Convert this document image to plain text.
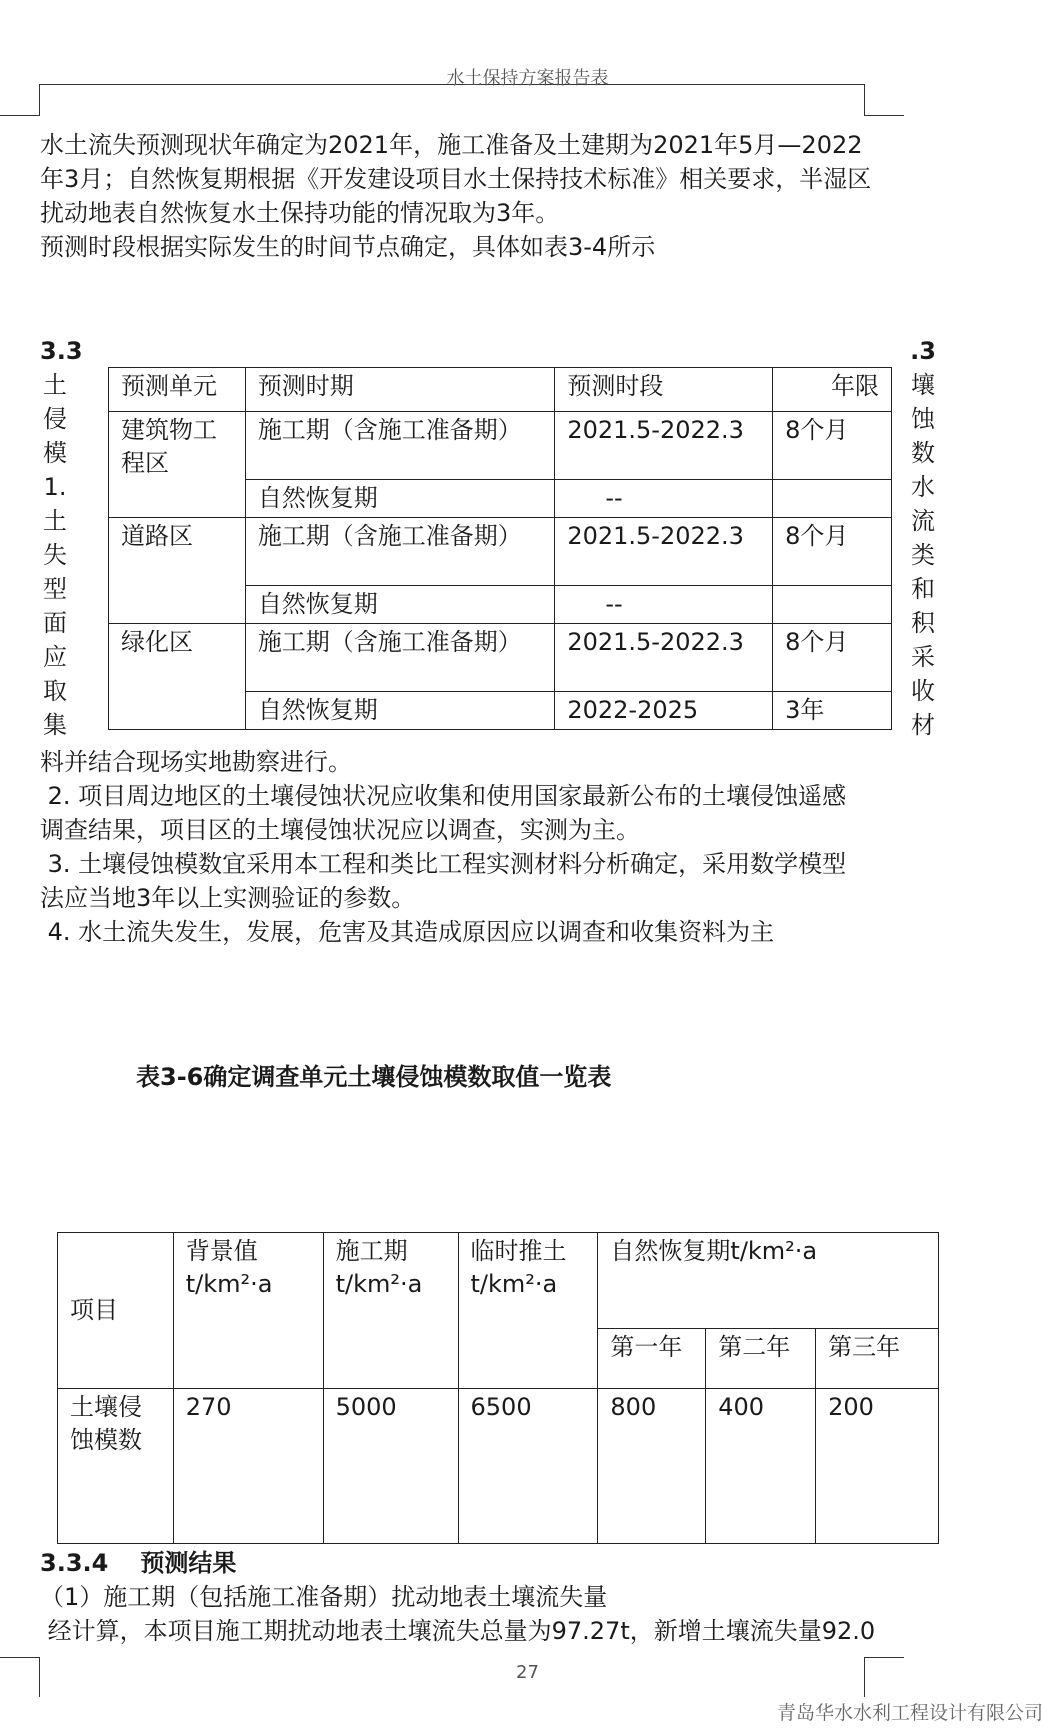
水土保持方案报告表
水土流失预测现状年确定为2021年，施工准备及土建期为2021年5月—2022
年3月；自然恢复期根据《开发建设项目水土保持技术标准》相关要求，半湿区
扰动地表自然恢复水土保持功能的情况取为3年。
预测时段根据实际发生的时间节点确定，具体如表3-4所示
3.3
土
侵
模
1.
土
失
型
面
应
取
集
.3
壤
蚀
数
水
流
类
和
积
采
收
材
预测单元	预测时期	预测时段	年限
建筑物工程区	施工期（含施工准备期）	2021.5-2022.3	8个月
	自然恢复期	--	
道路区	施工期（含施工准备期）	2021.5-2022.3	8个月
	自然恢复期	--	
绿化区	施工期（含施工准备期）	2021.5-2022.3	8个月
	自然恢复期	2022-2025	3年
料并结合现场实地勘察进行。
2. 项目周边地区的土壤侵蚀状况应收集和使用国家最新公布的土壤侵蚀遥感
调查结果，项目区的土壤侵蚀状况应以调查，实测为主。
3. 土壤侵蚀模数宜采用本工程和类比工程实测材料分析确定，采用数学模型
法应当地3年以上实测验证的参数。
4. 水土流失发生，发展，危害及其造成原因应以调查和收集资料为主
表3-6确定调查单元土壤侵蚀模数取值一览表
项目	背景值t/km²·a	施工期t/km²·a	临时推土t/km²·a	自然恢复期t/km²·a		
				第一年	第二年	第三年
土壤侵蚀模数	270	5000	6500	800	400	200
3.3.4 预测结果
（1）施工期（包括施工准备期）扰动地表土壤流失量
经计算，本项目施工期扰动地表土壤流失总量为97.27t，新增土壤流失量92.0
27
青岛华水水利工程设计有限公司
